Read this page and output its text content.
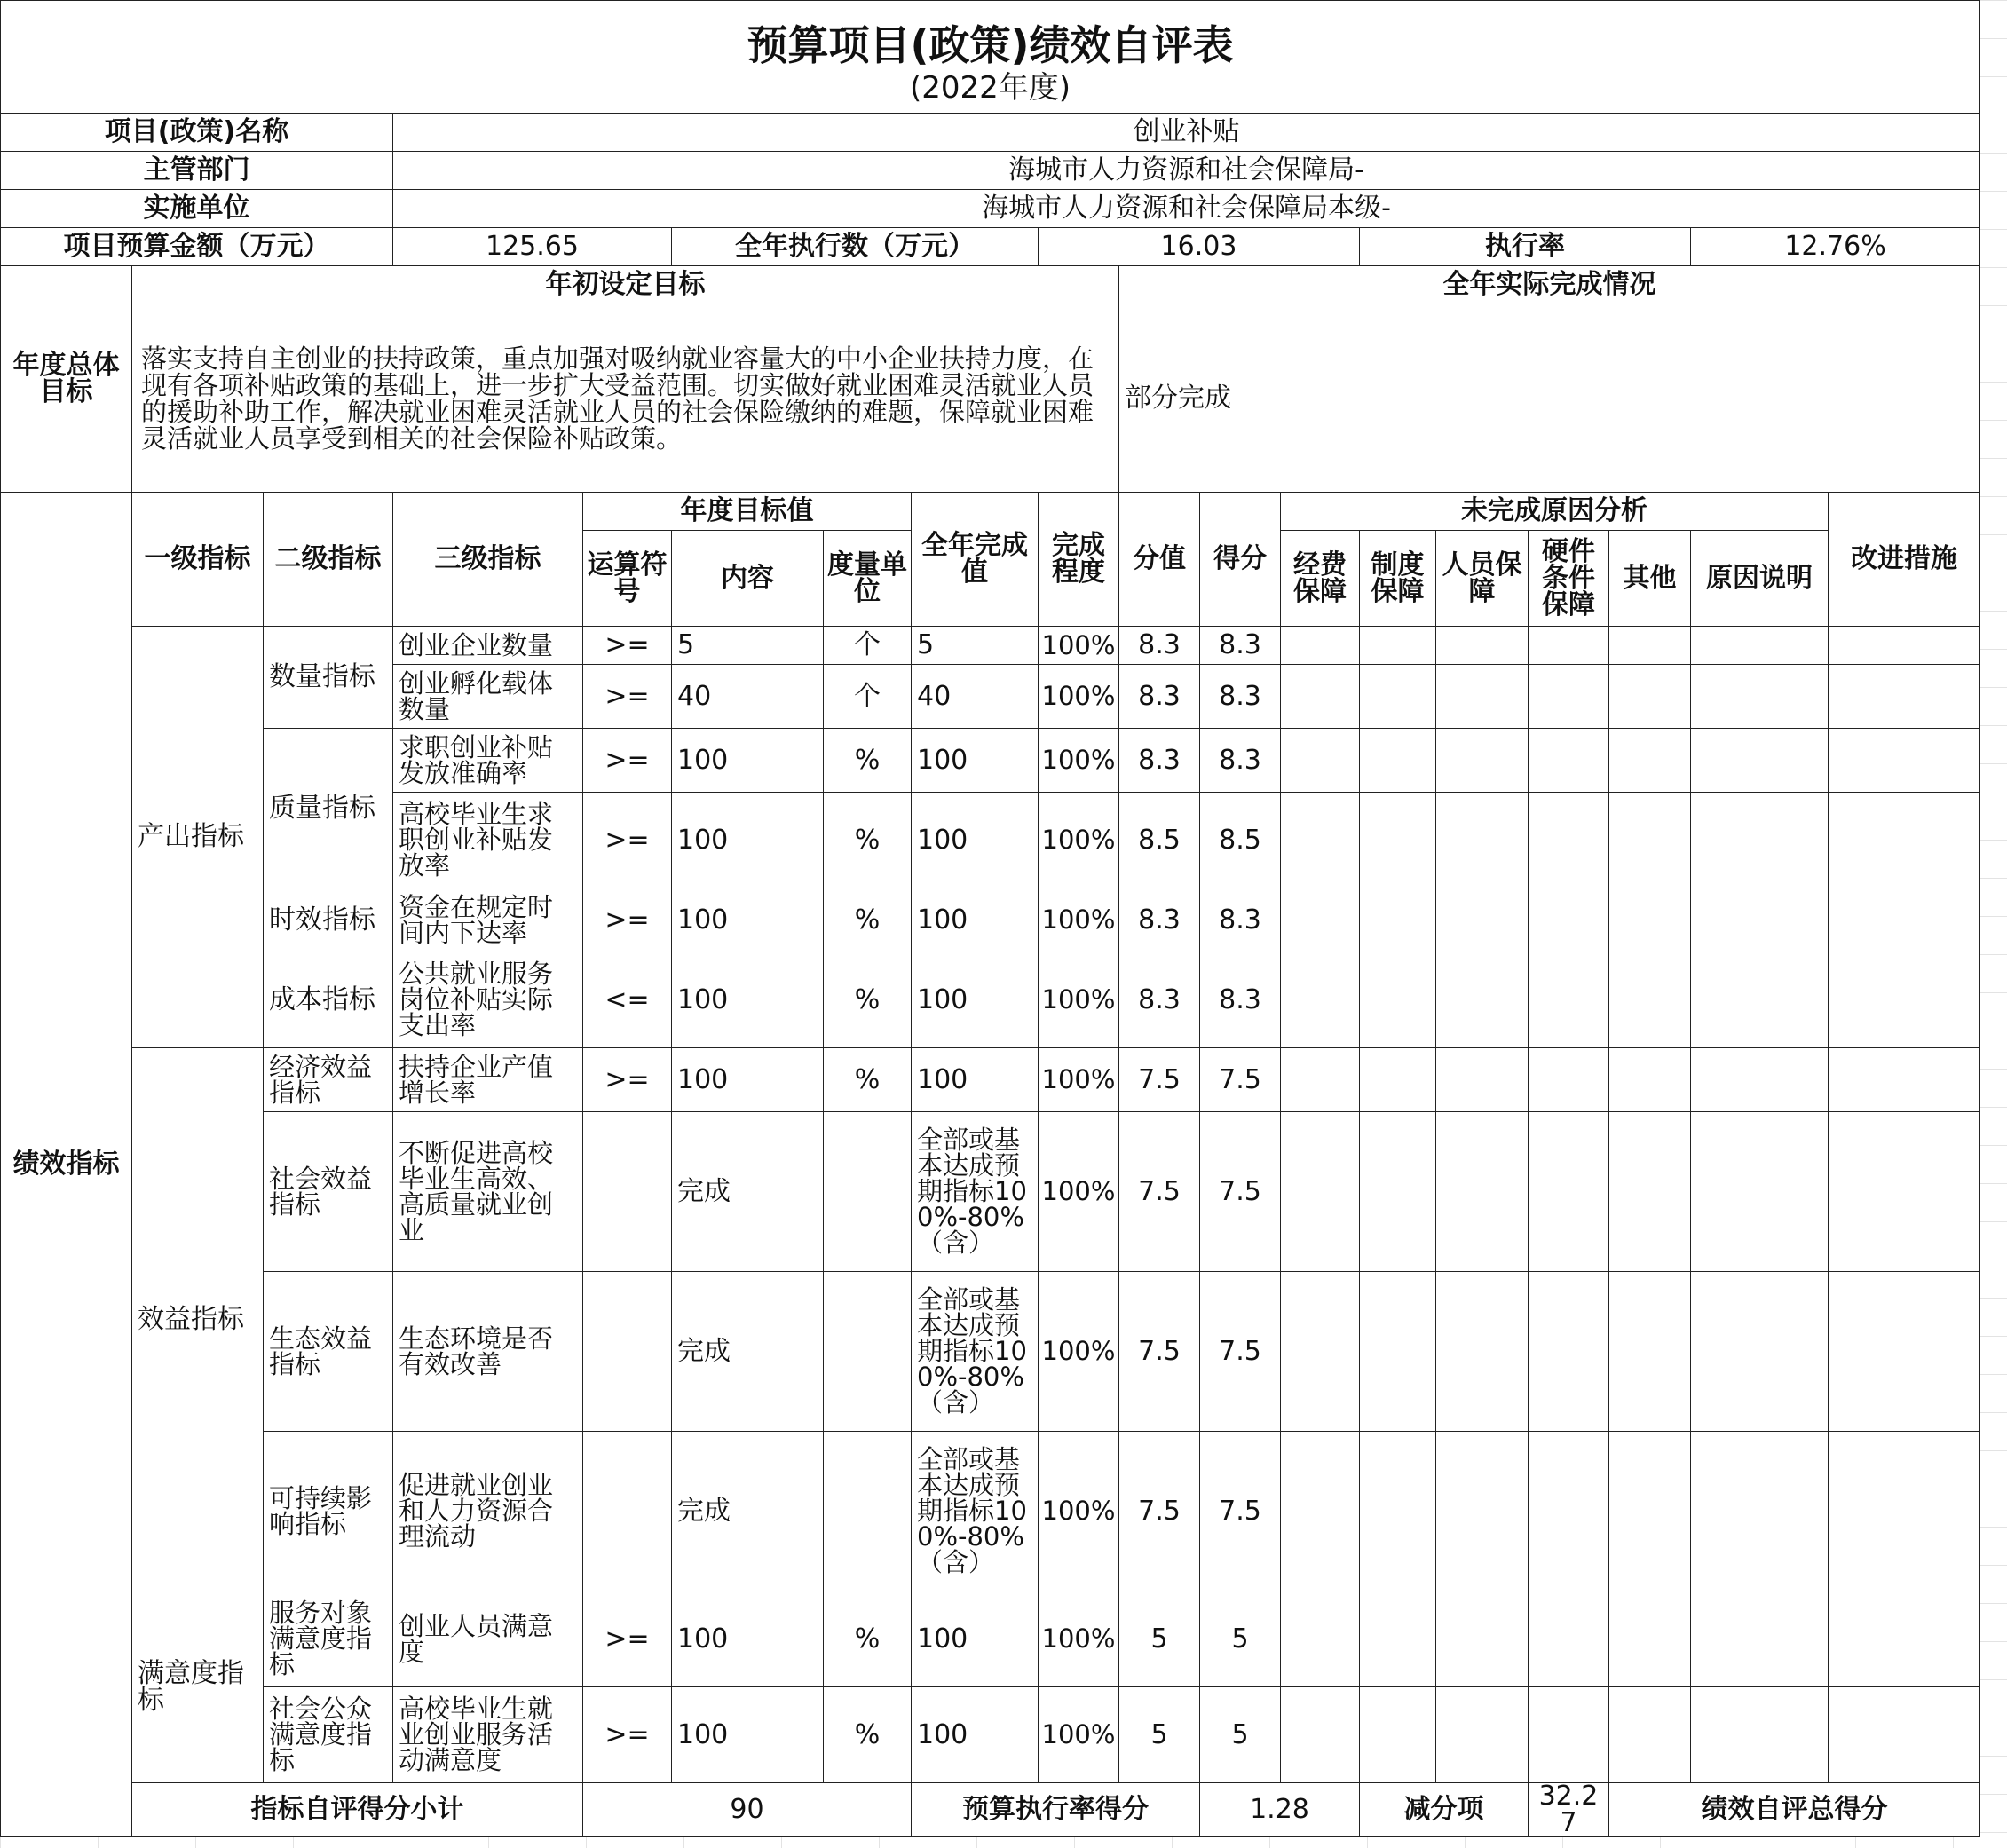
预算项目(政策)绩效自评表
(2022年度)																		

项目(政策)名称			创业补贴															
主管部门			海城市人力资源和社会保障局-															
实施单位			海城市人力资源和社会保障局本级-															
项目预算金额（万元）			125.65		全年执行数（万元）			16.03				执行率				12.76%		
年度总体目标	年初设定目标								全年实际完成情况									
	落实支持自主创业的扶持政策，重点加强对吸纳就业容量大的中小企业扶持力度，在现有各项补贴政策的基础上，进一步扩大受益范围。切实做好就业困难灵活就业人员的援助补助工作，解决就业困难灵活就业人员的社会保险缴纳的难题，保障就业困难灵活就业人员享受到相关的社会保险补贴政策。								部分完成									
绩效指标	一级指标	二级指标	三级指标	年度目标值			全年完成值	完成程度	分值	得分	未完成原因分析						改进措施	
				运算符号	内容	度量单位					经费保障	制度保障	人员保障	硬件条件保障	其他	原因说明		
	产出指标	数量指标	创业企业数量	>=	5	个	5	100%	8.3	8.3								
			创业孵化载体数量	>=	40	个	40	100%	8.3	8.3								
		质量指标	求职创业补贴发放准确率	>=	100	%	100	100%	8.3	8.3								
			高校毕业生求职创业补贴发放率	>=	100	%	100	100%	8.5	8.5								
		时效指标	资金在规定时间内下达率	>=	100	%	100	100%	8.3	8.3								
		成本指标	公共就业服务岗位补贴实际支出率	<=	100	%	100	100%	8.3	8.3								
	效益指标	经济效益指标	扶持企业产值增长率	>=	100	%	100	100%	7.5	7.5								
		社会效益指标	不断促进高校毕业生高效、高质量就业创业		完成		全部或基本达成预期指标100%-80%（含）	100%	7.5	7.5								
		生态效益指标	生态环境是否有效改善		完成		全部或基本达成预期指标100%-80%（含）	100%	7.5	7.5								
		可持续影响指标	促进就业创业和人力资源合理流动		完成		全部或基本达成预期指标100%-80%（含）	100%	7.5	7.5								
	满意度指标	服务对象满意度指标	创业人员满意度	>=	100	%	100	100%	5	5								
		社会公众满意度指标	高校毕业生就业创业服务活动满意度	>=	100	%	100	100%	5	5								
	指标自评得分小计			90			预算执行率得分			1.28		减分项		32.27	绩效自评总得分	
